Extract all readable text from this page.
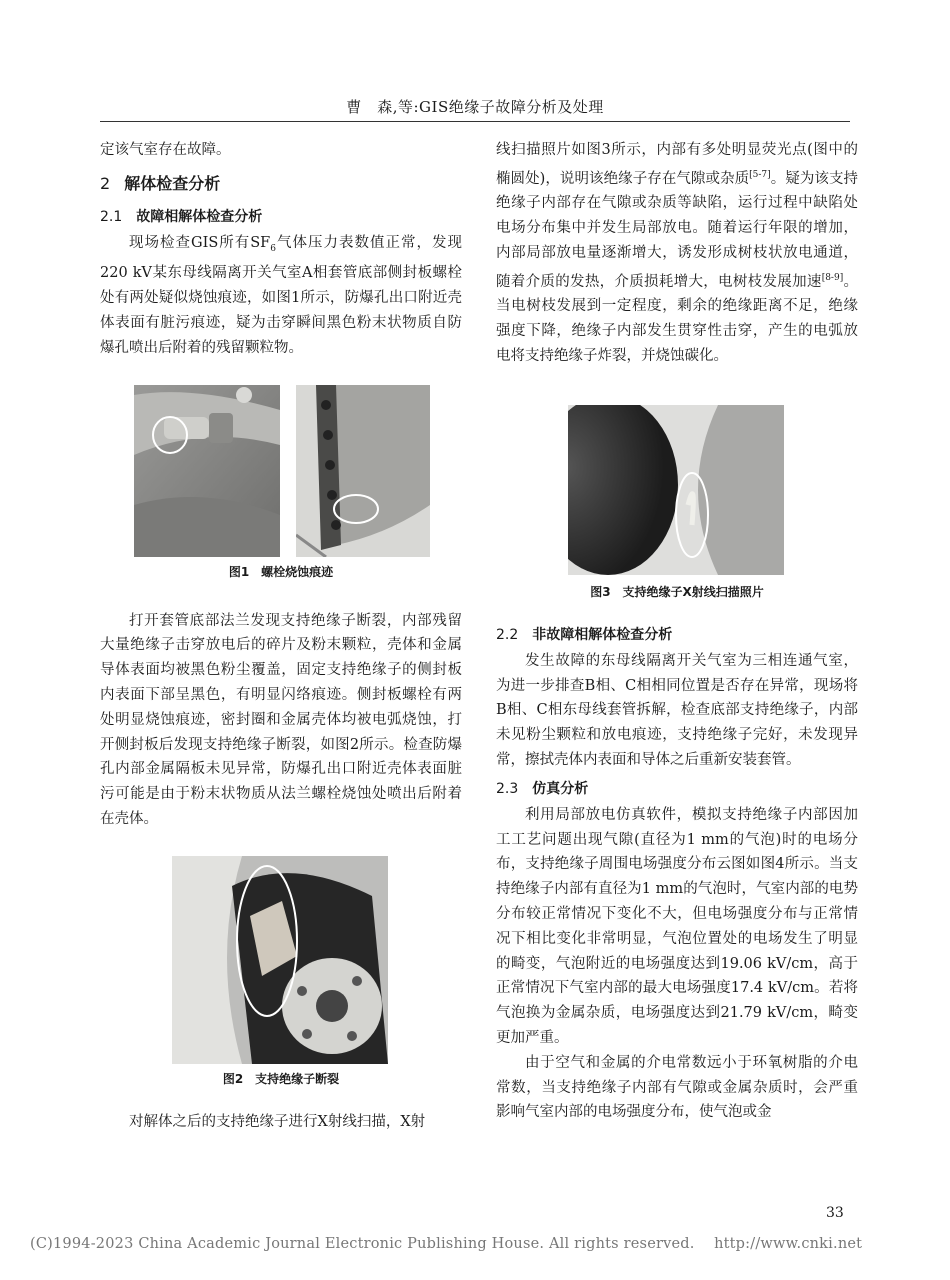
曹　森,等:GIS绝缘子故障分析及处理

定该气室存在故障。

2 解体检查分析
2.1 故障相解体检查分析

现场检查GIS所有$SF_6$气体压力表数值正常，发现220 kV某东母线隔离开关气室A相套管底部侧封板螺栓处有两处疑似烧蚀痕迹，如图1所示，防爆孔出口附近壳体表面有脏污痕迹，疑为击穿瞬间黑色粉末状物质自防爆孔喷出后附着的残留颗粒物。

图1　螺栓烧蚀痕迹

打开套管底部法兰发现支持绝缘子断裂，内部残留大量绝缘子击穿放电后的碎片及粉末颗粒，壳体和金属导体表面均被黑色粉尘覆盖，固定支持绝缘子的侧封板内表面下部呈黑色，有明显闪络痕迹。侧封板螺栓有两处明显烧蚀痕迹，密封圈和金属壳体均被电弧烧蚀，打开侧封板后发现支持绝缘子断裂，如图2所示。检查防爆孔内部金属隔板未见异常，防爆孔出口附近壳体表面脏污可能是由于粉末状物质从法兰螺栓烧蚀处喷出后附着在壳体。

图2　支持绝缘子断裂

对解体之后的支持绝缘子进行X射线扫描，X射

线扫描照片如图3所示，内部有多处明显荧光点(图中的椭圆处)，说明该绝缘子存在气隙或杂质[5-7]。疑为该支持绝缘子内部存在气隙或杂质等缺陷，运行过程中缺陷处电场分布集中并发生局部放电。随着运行年限的增加，内部局部放电量逐渐增大，诱发形成树枝状放电通道，随着介质的发热，介质损耗增大，电树枝发展加速[8-9]。当电树枝发展到一定程度，剩余的绝缘距离不足，绝缘强度下降，绝缘子内部发生贯穿性击穿，产生的电弧放电将支持绝缘子炸裂，并烧蚀碳化。

图3　支持绝缘子X射线扫描照片
2.2 非故障相解体检查分析

发生故障的东母线隔离开关气室为三相连通气室，为进一步排查B相、C相相同位置是否存在异常，现场将B相、C相东母线套管拆解，检查底部支持绝缘子，内部未见粉尘颗粒和放电痕迹，支持绝缘子完好，未发现异常，擦拭壳体内表面和导体之后重新安装套管。

2.3 仿真分析

利用局部放电仿真软件，模拟支持绝缘子内部因加工工艺问题出现气隙(直径为1 mm的气泡)时的电场分布，支持绝缘子周围电场强度分布云图如图4所示。当支持绝缘子内部有直径为1 mm的气泡时，气室内部的电势分布较正常情况下变化不大，但电场强度分布与正常情况下相比变化非常明显，气泡位置处的电场发生了明显的畸变，气泡附近的电场强度达到19.06 kV/cm，高于正常情况下气室内部的最大电场强度17.4 kV/cm。若将气泡换为金属杂质，电场强度达到21.79 kV/cm，畸变更加严重。

由于空气和金属的介电常数远小于环氧树脂的介电常数，当支持绝缘子内部有气隙或金属杂质时，会严重影响气室内部的电场强度分布，使气泡或金

33
(C)1994-2023 China Academic Journal Electronic Publishing House. All rights reserved.　 http://www.cnki.net
